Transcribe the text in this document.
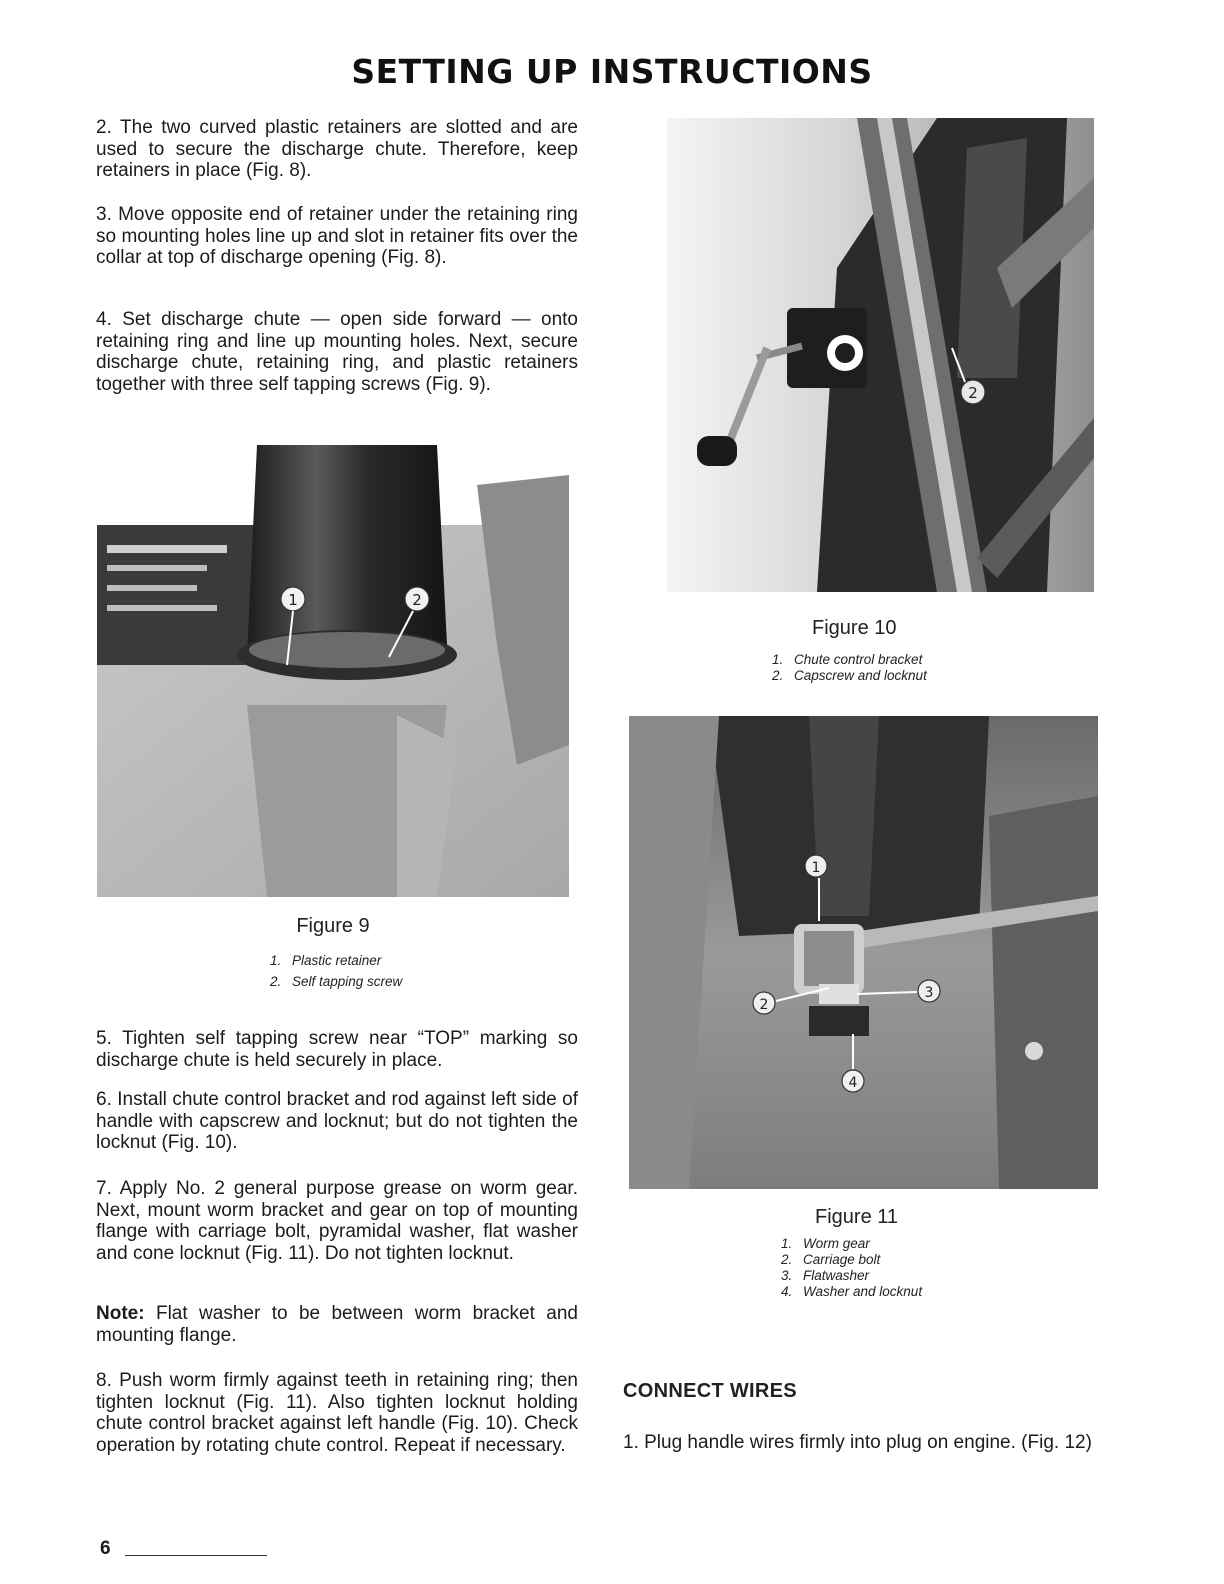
SETTING UP INSTRUCTIONS

2. The two curved plastic retainers are slotted and are used to secure the discharge chute. Therefore, keep retainers in place (Fig. 8).

3. Move opposite end of retainer under the retaining ring so mounting holes line up and slot in retainer fits over the collar at top of discharge opening (Fig. 8).

4. Set discharge chute — open side forward — onto retaining ring and line up mounting holes. Next, secure discharge chute, retaining ring, and plastic retainers together with three self tapping screws (Fig. 9).

1	2
Figure 9
1. Plastic retainer
2. Self tapping screw

5. Tighten self tapping screw near “TOP” marking so discharge chute is held securely in place.

6. Install chute control bracket and rod against left side of handle with capscrew and locknut; but do not tighten the locknut (Fig. 10).

7. Apply No. 2 general purpose grease on worm gear. Next, mount worm bracket and gear on top of mounting flange with carriage bolt, pyramidal washer, flat washer and cone locknut (Fig. 11). Do not tighten locknut.

Note: Flat washer to be between worm bracket and mounting flange.

8. Push worm firmly against teeth in retaining ring; then tighten locknut (Fig. 11). Also tighten locknut holding chute control bracket against left handle (Fig. 10). Check operation by rotating chute control. Repeat if necessary.

2
Figure 10
1. Chute control bracket
2. Capscrew and locknut
1
2
3
4
Figure 11
1. Worm gear
2. Carriage bolt
3. Flatwasher
4. Washer and locknut
CONNECT WIRES

1. Plug handle wires firmly into plug on engine. (Fig. 12)

6
